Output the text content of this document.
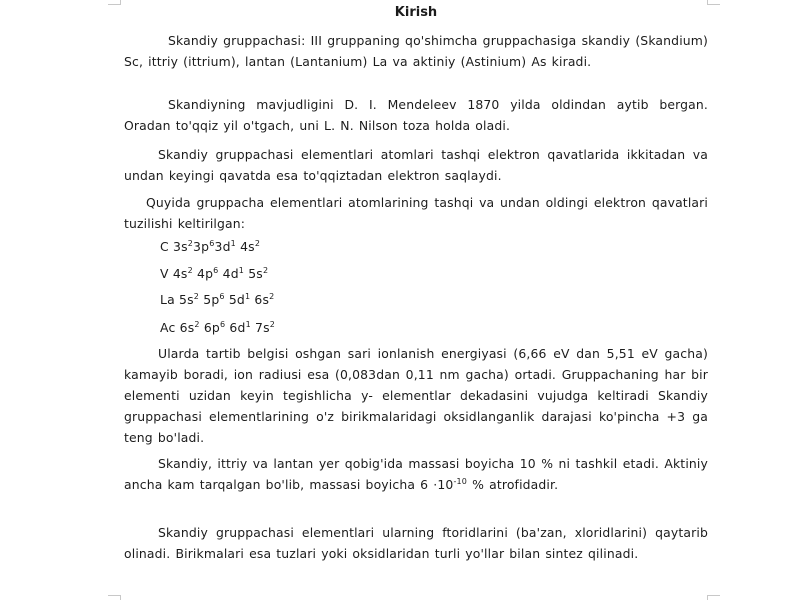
Kirish

Skandiy gruppachasi: III gruppaning qo'shimcha gruppachasiga skandiy (Skandium) Sc, ittriy (ittrium), lantan (Lantanium) La va aktiniy (Astinium) As kiradi.

Skandiyning mavjudligini D. I. Mendeleev 1870 yilda oldindan aytib bergan. Oradan to'qqiz yil o'tgach, uni L. N. Nilson toza holda oladi.

Skandiy gruppachasi elementlari atomlari tashqi elektron qavatlarida ikkitadan va undan keyingi qavatda esa to'qqiztadan elektron saqlaydi.

Quyida gruppacha elementlari atomlarining tashqi va undan oldingi elektron qavatlari tuzilishi keltirilgan:

C $3s^23p^63d^1$ $4s^2$
V $4s^2$ $4p^6$ $4d^1$ $5s^2$
La $5s^2$ $5p^6$ $5d^1$ $6s^2$
Ac $6s^2$ $6p^6$ $6d^1$ $7s^2$

Ularda tartib belgisi oshgan sari ionlanish energiyasi (6,66 eV dan 5,51 eV gacha) kamayib boradi, ion radiusi esa (0,083dan 0,11 nm gacha) ortadi. Gruppachaning har bir elementi uzidan keyin tegishlicha y- elementlar dekadasini vujudga keltiradi Skandiy gruppachasi elementlarining o'z birikmalaridagi oksidlanganlik darajasi ko'pincha +3 ga teng bo'ladi.

Skandiy, ittriy va lantan yer qobig'ida massasi boyicha 10 % ni tashkil etadi. Aktiniy ancha kam tarqalgan bo'lib, massasi boyicha $6 \cdot 10^{-10}$ % atrofidadir.

Skandiy gruppachasi elementlari ularning ftoridlarini (ba'zan, xloridlarini) qaytarib olinadi. Birikmalari esa tuzlari yoki oksidlaridan turli yo'llar bilan sintez qilinadi.
